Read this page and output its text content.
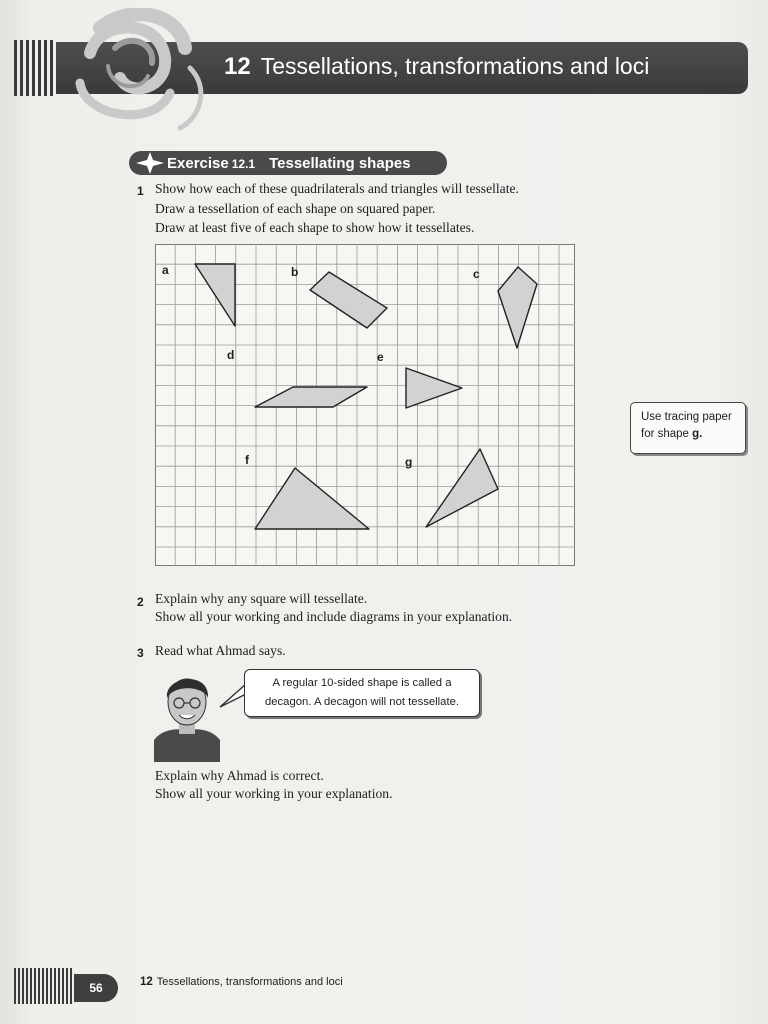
12 Tessellations, transformations and loci
Exercise 12.1 Tessellating shapes
1 Show how each of these quadrilaterals and triangles will tessellate.
Draw a tessellation of each shape on squared paper.
Draw at least five of each shape to show how it tessellates.
a	b	c
d	e
f	g
Use tracing paper
for shape g.
2 Explain why any square will tessellate.
Show all your working and include diagrams in your explanation.
3 Read what Ahmad says.
A regular 10-sided shape is called a
decagon. A decagon will not tessellate.
Explain why Ahmad is correct.
Show all your working in your explanation.
56	12 Tessellations, transformations and loci
